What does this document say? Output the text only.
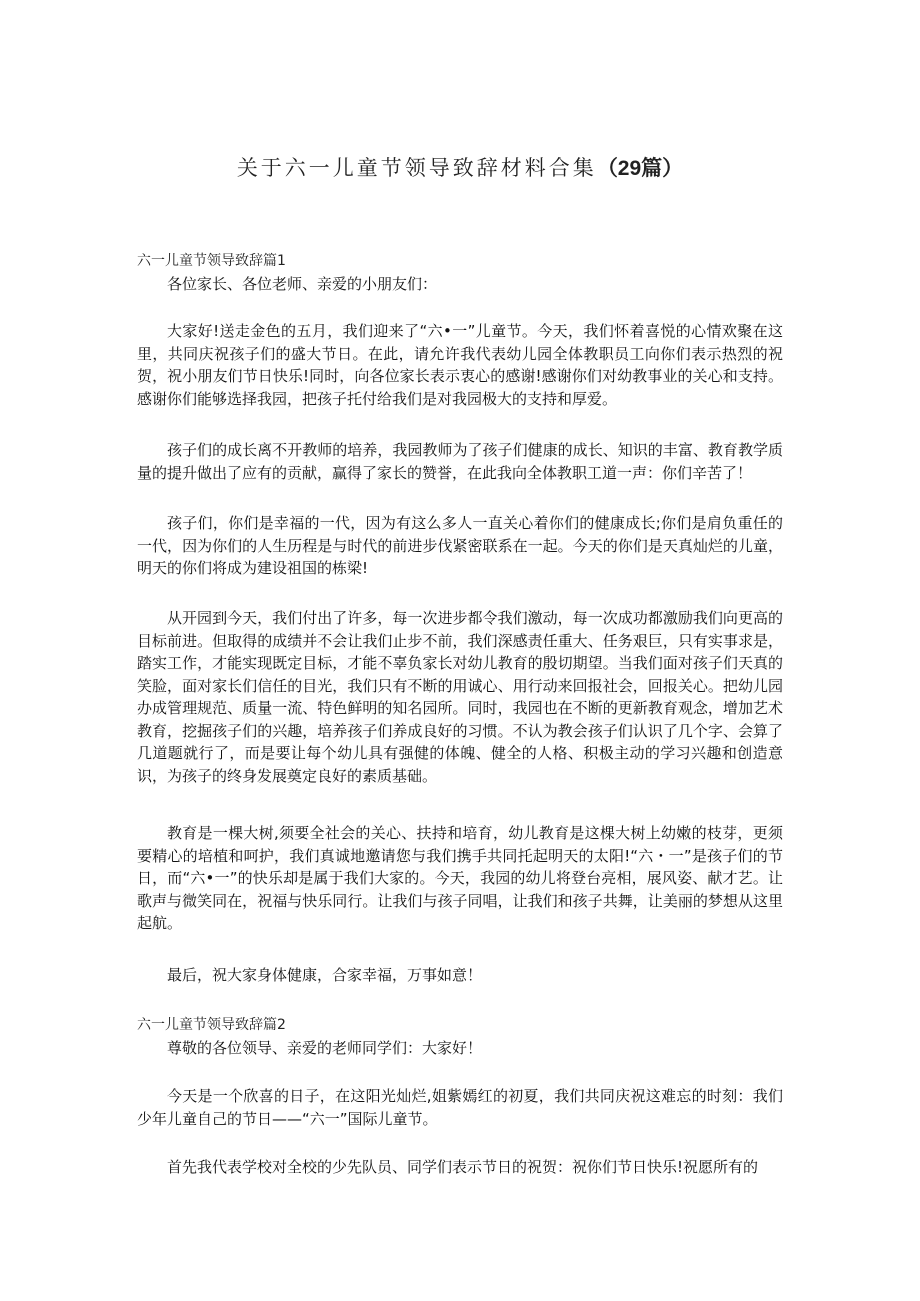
关于六一儿童节领导致辞材料合集（29篇）
六一儿童节领导致辞篇1

各位家长、各位老师、亲爱的小朋友们：

大家好!送走金色的五月，我们迎来了“六•一”儿童节。今天，我们怀着喜悦的心情欢聚在这里，共同庆祝孩子们的盛大节日。在此，请允许我代表幼儿园全体教职员工向你们表示热烈的祝贺，祝小朋友们节日快乐!同时，向各位家长表示衷心的感谢!感谢你们对幼教事业的关心和支持。感谢你们能够选择我园，把孩子托付给我们是对我园极大的支持和厚爱。

孩子们的成长离不开教师的培养，我园教师为了孩子们健康的成长、知识的丰富、教育教学质量的提升做出了应有的贡献，赢得了家长的赞誉，在此我向全体教职工道一声：你们辛苦了！

孩子们，你们是幸福的一代，因为有这么多人一直关心着你们的健康成长;你们是肩负重任的一代，因为你们的人生历程是与时代的前进步伐紧密联系在一起。今天的你们是天真灿烂的儿童，明天的你们将成为建设祖国的栋梁!

从开园到今天，我们付出了许多，每一次进步都令我们激动，每一次成功都激励我们向更高的目标前进。但取得的成绩并不会让我们止步不前，我们深感责任重大、任务艰巨，只有实事求是，踏实工作，才能实现既定目标，才能不辜负家长对幼儿教育的殷切期望。当我们面对孩子们天真的笑脸，面对家长们信任的目光，我们只有不断的用诚心、用行动来回报社会，回报关心。把幼儿园办成管理规范、质量一流、特色鲜明的知名园所。同时，我园也在不断的更新教育观念，增加艺术教育，挖掘孩子们的兴趣，培养孩子们养成良好的习惯。不认为教会孩子们认识了几个字、会算了几道题就行了，而是要让每个幼儿具有强健的体魄、健全的人格、积极主动的学习兴趣和创造意识，为孩子的终身发展奠定良好的素质基础。

教育是一棵大树,须要全社会的关心、扶持和培育，幼儿教育是这棵大树上幼嫩的枝芽，更须要精心的培植和呵护，我们真诚地邀请您与我们携手共同托起明天的太阳!“六・一”是孩子们的节日，而“六•一”的快乐却是属于我们大家的。今天，我园的幼儿将登台亮相，展风姿、献才艺。让歌声与微笑同在，祝福与快乐同行。让我们与孩子同唱，让我们和孩子共舞，让美丽的梦想从这里起航。

最后，祝大家身体健康，合家幸福，万事如意！

六一儿童节领导致辞篇2

尊敬的各位领导、亲爱的老师同学们：大家好！

今天是一个欣喜的日子，在这阳光灿烂,姐紫嫣红的初夏，我们共同庆祝这难忘的时刻：我们少年儿童自己的节日——“六一”国际儿童节。

首先我代表学校对全校的少先队员、同学们表示节日的祝贺：祝你们节日快乐!祝愿所有的
